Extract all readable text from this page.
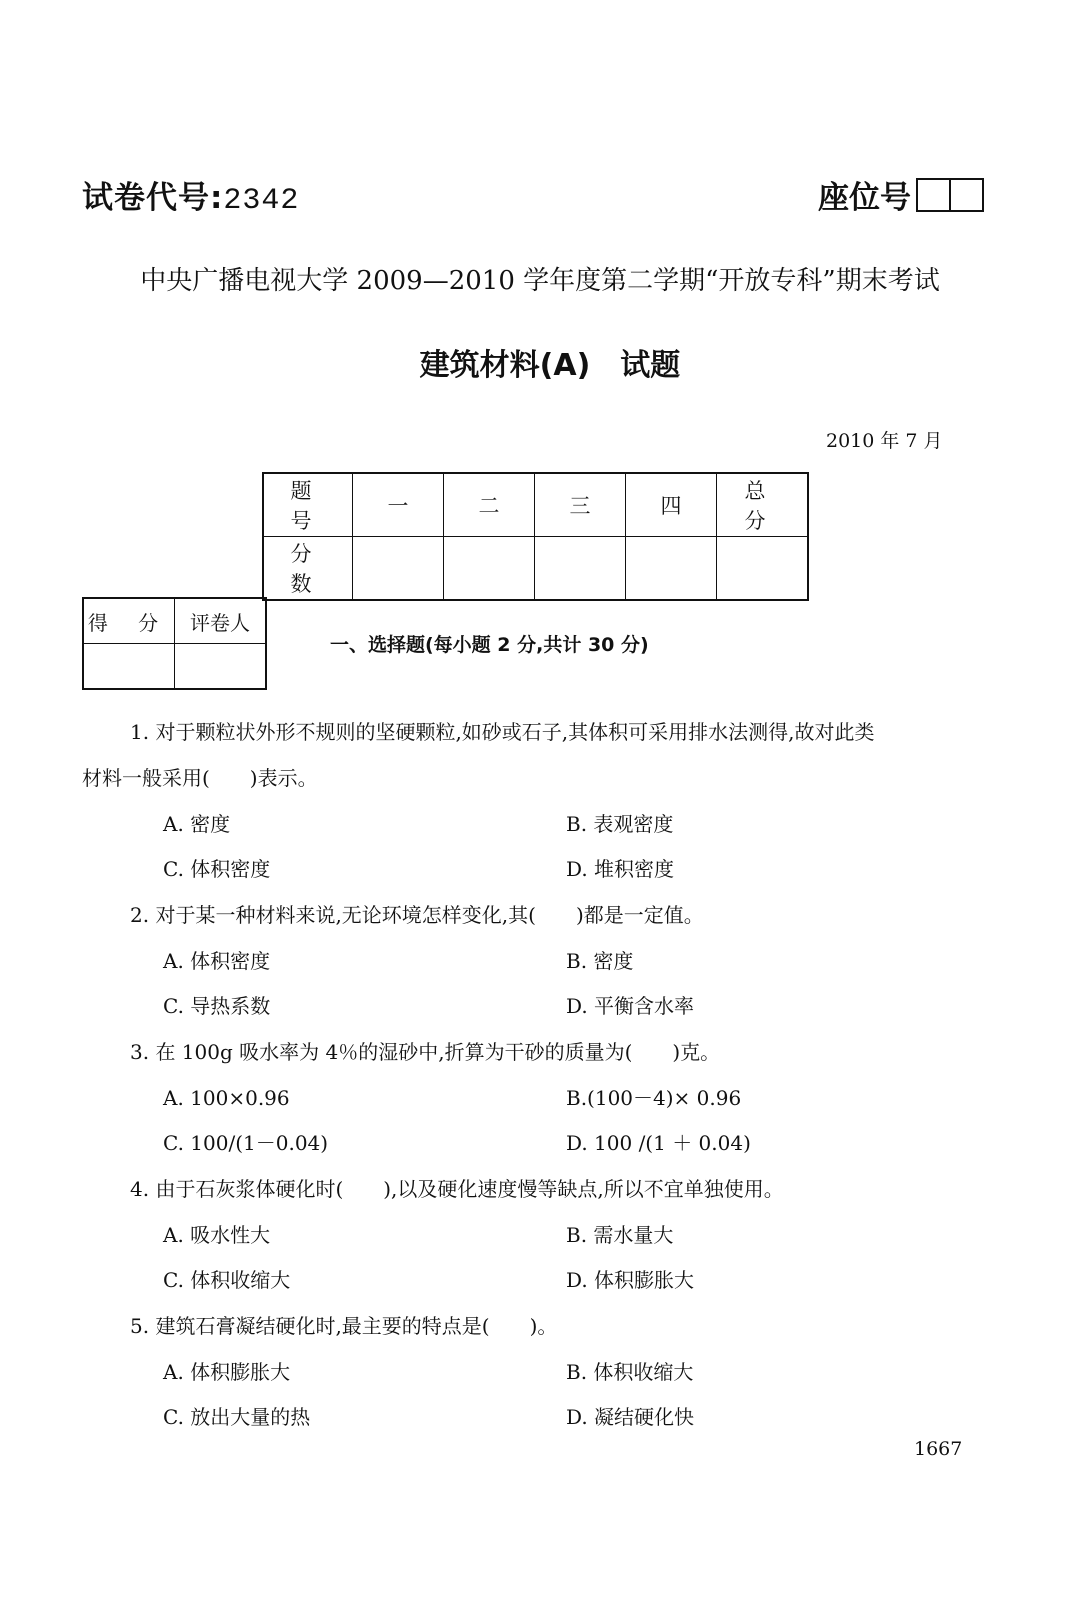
试卷代号:2342	座位号
中央广播电视大学 2009—2010 学年度第二学期“开放专科”期末考试
建筑材料(A)　试题
2010 年 7 月
题 号	一	二	三	四	总 分
分 数					
得 分	评卷人

一、选择题(每小题 2 分,共计 30 分)
1. 对于颗粒状外形不规则的坚硬颗粒,如砂或石子,其体积可采用排水法测得,故对此类
材料一般采用(　　)表示。
A. 密度	B. 表观密度
C. 体积密度	D. 堆积密度
2. 对于某一种材料来说,无论环境怎样变化,其(　　)都是一定值。
A. 体积密度	B. 密度
C. 导热系数	D. 平衡含水率
3. 在 100g 吸水率为 4％的湿砂中,折算为干砂的质量为(　　)克。
A. 100×0.96	B.(100－4)× 0.96
C. 100/(1－0.04)	D. 100 /(1 ＋ 0.04)
4. 由于石灰浆体硬化时(　　),以及硬化速度慢等缺点,所以不宜单独使用。
A. 吸水性大	B. 需水量大
C. 体积收缩大	D. 体积膨胀大
5. 建筑石膏凝结硬化时,最主要的特点是(　　)。
A. 体积膨胀大	B. 体积收缩大
C. 放出大量的热	D. 凝结硬化快
1667
